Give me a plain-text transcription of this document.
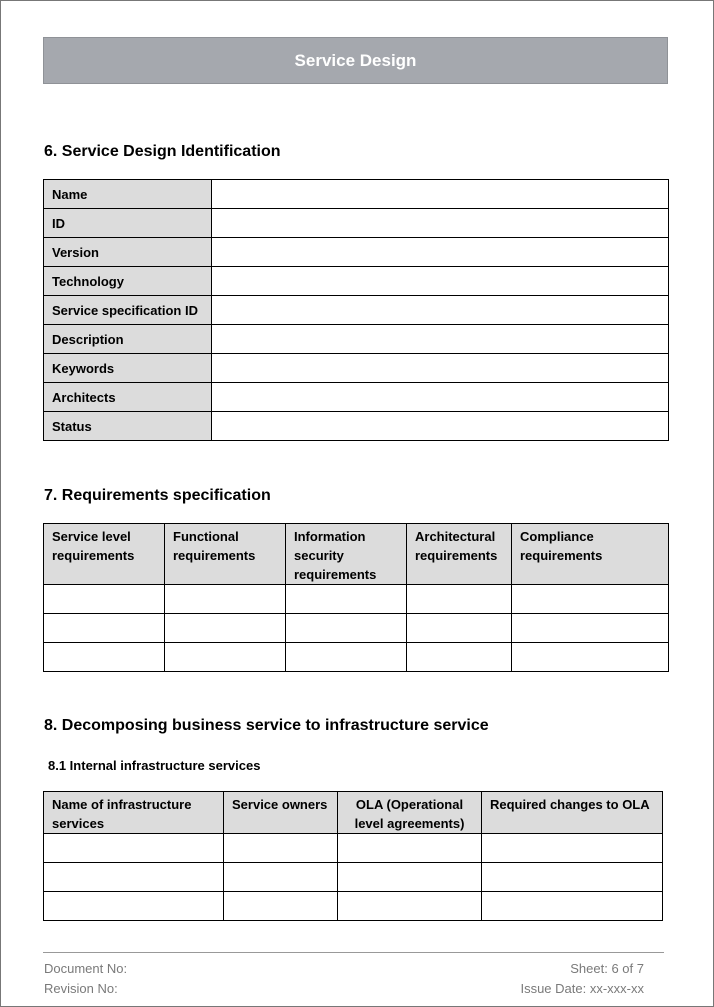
Service Design
6. Service Design Identification
Name	
ID	
Version	
Technology	
Service specification ID	
Description	
Keywords	
Architects	
Status	
7. Requirements specification
Service level requirements	Functional requirements	Information security requirements	Architectural requirements	Compliance requirements

8. Decomposing business service to infrastructure service
8.1 Internal infrastructure services
Name of infrastructure services	Service owners	OLA (Operational level agreements)	Required changes to OLA

Document No:
Revision No:
Sheet: 6 of 7
Issue Date: xx-xxx-xx
